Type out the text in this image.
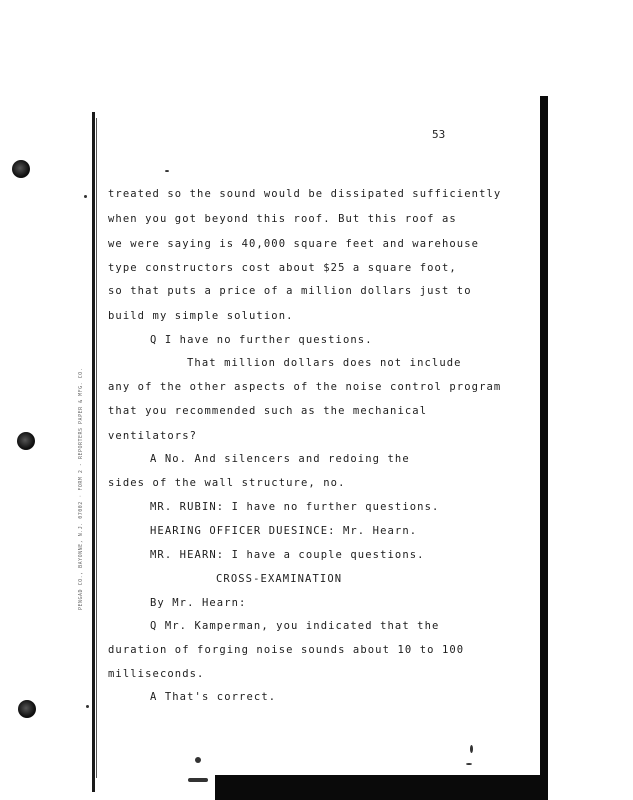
PENGAD CO., BAYONNE, N.J. 07002 · FORM 2 - REPORTERS PAPER & MFG. CO.
53
treated so the sound would be dissipated sufficiently
when you got beyond this roof. But this roof as
we were saying is 40,000 square feet and warehouse
type constructors cost about $25 a square foot,
so that puts a price of a million dollars just to
build my simple solution.
Q I have no further questions.
That million dollars does not include
any of the other aspects of the noise control program
that you recommended such as the mechanical
ventilators?
A No. And silencers and redoing the
sides of the wall structure, no.
MR. RUBIN: I have no further questions.
HEARING OFFICER DUESINCE: Mr. Hearn.
MR. HEARN: I have a couple questions.
CROSS-EXAMINATION
By Mr. Hearn:
Q Mr. Kamperman, you indicated that the
duration of forging noise sounds about 10 to 100
milliseconds.
A That's correct.
